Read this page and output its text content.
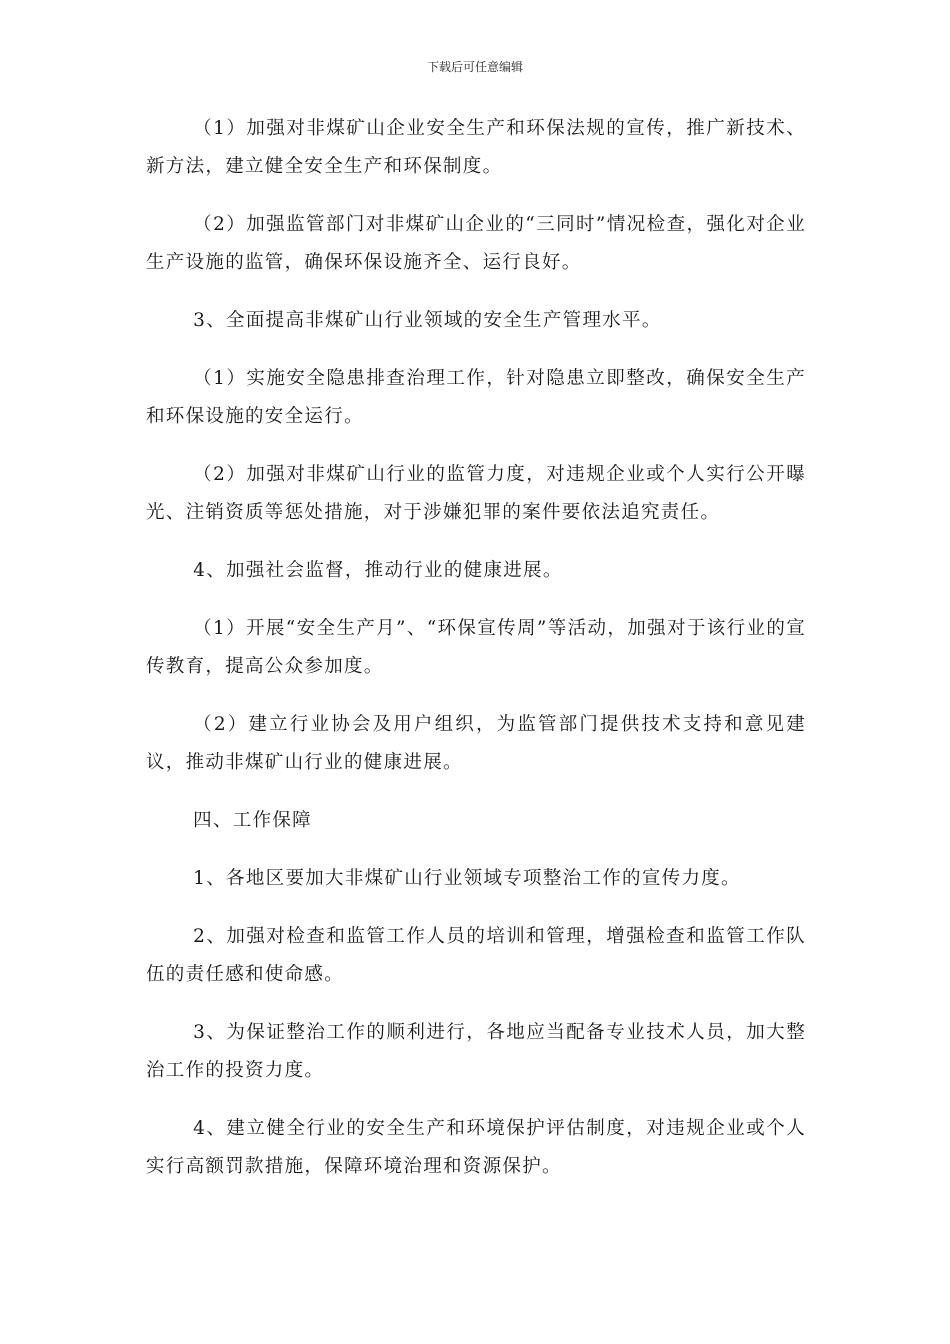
下载后可任意编辑

（1）加强对非煤矿山企业安全生产和环保法规的宣传，推广新技术、新方法，建立健全安全生产和环保制度。

（2）加强监管部门对非煤矿山企业的“三同时”情况检查，强化对企业生产设施的监管，确保环保设施齐全、运行良好。

3、全面提高非煤矿山行业领域的安全生产管理水平。

（1）实施安全隐患排查治理工作，针对隐患立即整改，确保安全生产和环保设施的安全运行。

（2）加强对非煤矿山行业的监管力度，对违规企业或个人实行公开曝光、注销资质等惩处措施，对于涉嫌犯罪的案件要依法追究责任。

4、加强社会监督，推动行业的健康进展。

（1）开展“安全生产月”、“环保宣传周”等活动，加强对于该行业的宣传教育，提高公众参加度。

（2）建立行业协会及用户组织，为监管部门提供技术支持和意见建议，推动非煤矿山行业的健康进展。

四、工作保障

1、各地区要加大非煤矿山行业领域专项整治工作的宣传力度。

2、加强对检查和监管工作人员的培训和管理，增强检查和监管工作队伍的责任感和使命感。

3、为保证整治工作的顺利进行，各地应当配备专业技术人员，加大整治工作的投资力度。

4、建立健全行业的安全生产和环境保护评估制度，对违规企业或个人实行高额罚款措施，保障环境治理和资源保护。
